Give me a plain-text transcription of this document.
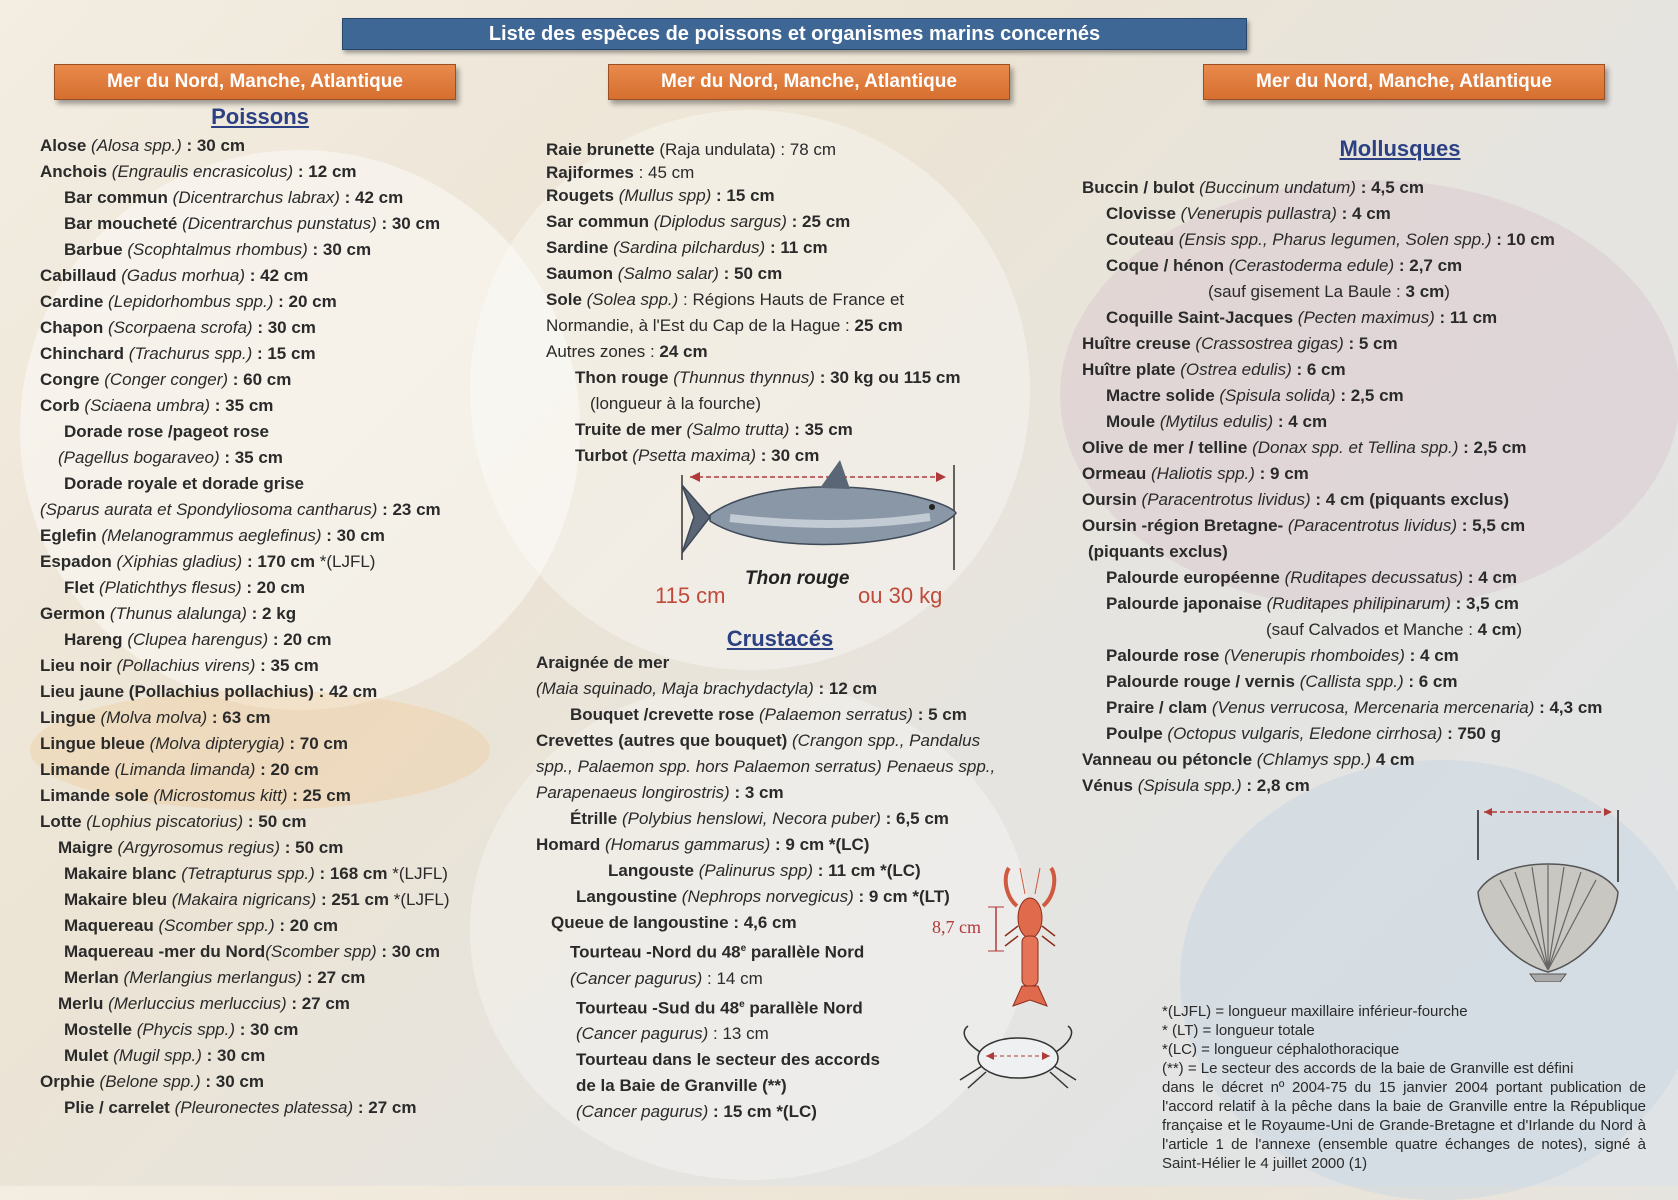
Liste des espèces de poissons et organismes marins concernés
Mer du Nord, Manche, Atlantique	Mer du Nord, Manche, Atlantique	Mer du Nord, Manche, Atlantique
Poissons
Crustacés
Mollusques
Alose (Alosa spp.) : 30 cm
Anchois (Engraulis encrasicolus) : 12 cm
Bar commun (Dicentrarchus labrax) : 42 cm
Bar moucheté (Dicentrarchus punstatus) : 30 cm
Barbue (Scophtalmus rhombus) : 30 cm
Cabillaud (Gadus morhua) : 42 cm
Cardine (Lepidorhombus spp.) : 20 cm
Chapon (Scorpaena scrofa) : 30 cm
Chinchard (Trachurus spp.) : 15 cm
Congre (Conger conger) : 60 cm
Corb (Sciaena umbra) : 35 cm
Dorade rose /pageot rose
(Pagellus bogaraveo) : 35 cm
Dorade royale et dorade grise
(Sparus aurata et Spondyliosoma cantharus) : 23 cm
Eglefin (Melanogrammus aeglefinus) : 30 cm
Espadon (Xiphias gladius) : 170 cm *(LJFL)
Flet (Platichthys flesus) : 20 cm
Germon (Thunus alalunga) : 2 kg
Hareng (Clupea harengus) : 20 cm
Lieu noir (Pollachius virens) : 35 cm
Lieu jaune (Pollachius pollachius) : 42 cm
Lingue (Molva molva) : 63 cm
Lingue bleue (Molva dipterygia) : 70 cm
Limande (Limanda limanda) : 20 cm
Limande sole (Microstomus kitt) : 25 cm
Lotte (Lophius piscatorius) : 50 cm
Maigre (Argyrosomus regius) : 50 cm
Makaire blanc (Tetrapturus spp.) : 168 cm *(LJFL)
Makaire bleu (Makaira nigricans) : 251 cm *(LJFL)
Maquereau (Scomber spp.) : 20 cm
Maquereau -mer du Nord(Scomber spp) : 30 cm
Merlan (Merlangius merlangus) : 27 cm
Merlu (Merluccius merluccius) : 27 cm
Mostelle (Phycis spp.) : 30 cm
Mulet (Mugil spp.) : 30 cm
Orphie (Belone spp.) : 30 cm
Plie / carrelet (Pleuronectes platessa) : 27 cm
Raie brunette (Raja undulata) : 78 cm
Rajiformes : 45 cm
Rougets (Mullus spp) : 15 cm
Sar commun (Diplodus sargus) : 25 cm
Sardine (Sardina pilchardus) : 11 cm
Saumon (Salmo salar) : 50 cm
Sole (Solea spp.) : Régions Hauts de France et
Normandie, à l'Est du Cap de la Hague : 25 cm
Autres zones : 24 cm
Thon rouge (Thunnus thynnus) : 30 kg ou 115 cm
(longueur à la fourche)
Truite de mer (Salmo trutta) : 35 cm
Turbot (Psetta maxima) : 30 cm
115 cm
Thon rouge
ou 30 kg
Araignée de mer
(Maia squinado, Maja brachydactyla) : 12 cm
Bouquet /crevette rose (Palaemon serratus) : 5 cm
Crevettes (autres que bouquet) (Crangon spp., Pandalus
spp., Palaemon spp. hors Palaemon serratus) Penaeus spp.,
Parapenaeus longirostris) : 3 cm
Étrille (Polybius henslowi, Necora puber) : 6,5 cm
Homard (Homarus gammarus) : 9 cm *(LC)
Langouste (Palinurus spp) : 11 cm *(LC)
Langoustine (Nephrops norvegicus) : 9 cm *(LT)
Queue de langoustine : 4,6 cm
Tourteau -Nord du 48e parallèle Nord
(Cancer pagurus) : 14 cm
Tourteau -Sud du 48e parallèle Nord
(Cancer pagurus) : 13 cm
Tourteau dans le secteur des accords
de la Baie de Granville (**)
(Cancer pagurus) : 15 cm *(LC)
8,7 cm
Buccin / bulot (Buccinum undatum) : 4,5 cm
Clovisse (Venerupis pullastra) : 4 cm
Couteau (Ensis spp., Pharus legumen, Solen spp.) : 10 cm
Coque / hénon (Cerastoderma edule) : 2,7 cm
(sauf gisement La Baule : 3 cm)
Coquille Saint-Jacques (Pecten maximus) : 11 cm
Huître creuse (Crassostrea gigas) : 5 cm
Huître plate (Ostrea edulis) : 6 cm
Mactre solide (Spisula solida) : 2,5 cm
Moule (Mytilus edulis) : 4 cm
Olive de mer / telline (Donax spp. et Tellina spp.) : 2,5 cm
Ormeau (Haliotis spp.) : 9 cm
Oursin (Paracentrotus lividus) : 4 cm (piquants exclus)
Oursin -région Bretagne- (Paracentrotus lividus) : 5,5 cm
(piquants exclus)
Palourde européenne (Ruditapes decussatus) : 4 cm
Palourde japonaise (Ruditapes philipinarum) : 3,5 cm
(sauf Calvados et Manche : 4 cm)
Palourde rose (Venerupis rhomboides) : 4 cm
Palourde rouge / vernis (Callista spp.) : 6 cm
Praire / clam (Venus verrucosa, Mercenaria mercenaria) : 4,3 cm
Poulpe (Octopus vulgaris, Eledone cirrhosa) : 750 g
Vanneau ou pétoncle (Chlamys spp.) 4 cm
Vénus (Spisula spp.) : 2,8 cm
*(LJFL) = longueur maxillaire inférieur-fourche
* (LT) = longueur totale
*(LC) = longueur céphalothoracique
(**) = Le secteur des accords de la baie de Granville est défini
dans le décret nº 2004-75 du 15 janvier 2004 portant publication de l'accord relatif à la pêche dans la baie de Granville entre la République française et le Royaume-Uni de Grande-Bretagne et d'Irlande du Nord à l'article 1 de l'annexe (ensemble quatre échanges de notes), signé à Saint-Hélier le 4 juillet 2000 (1)
